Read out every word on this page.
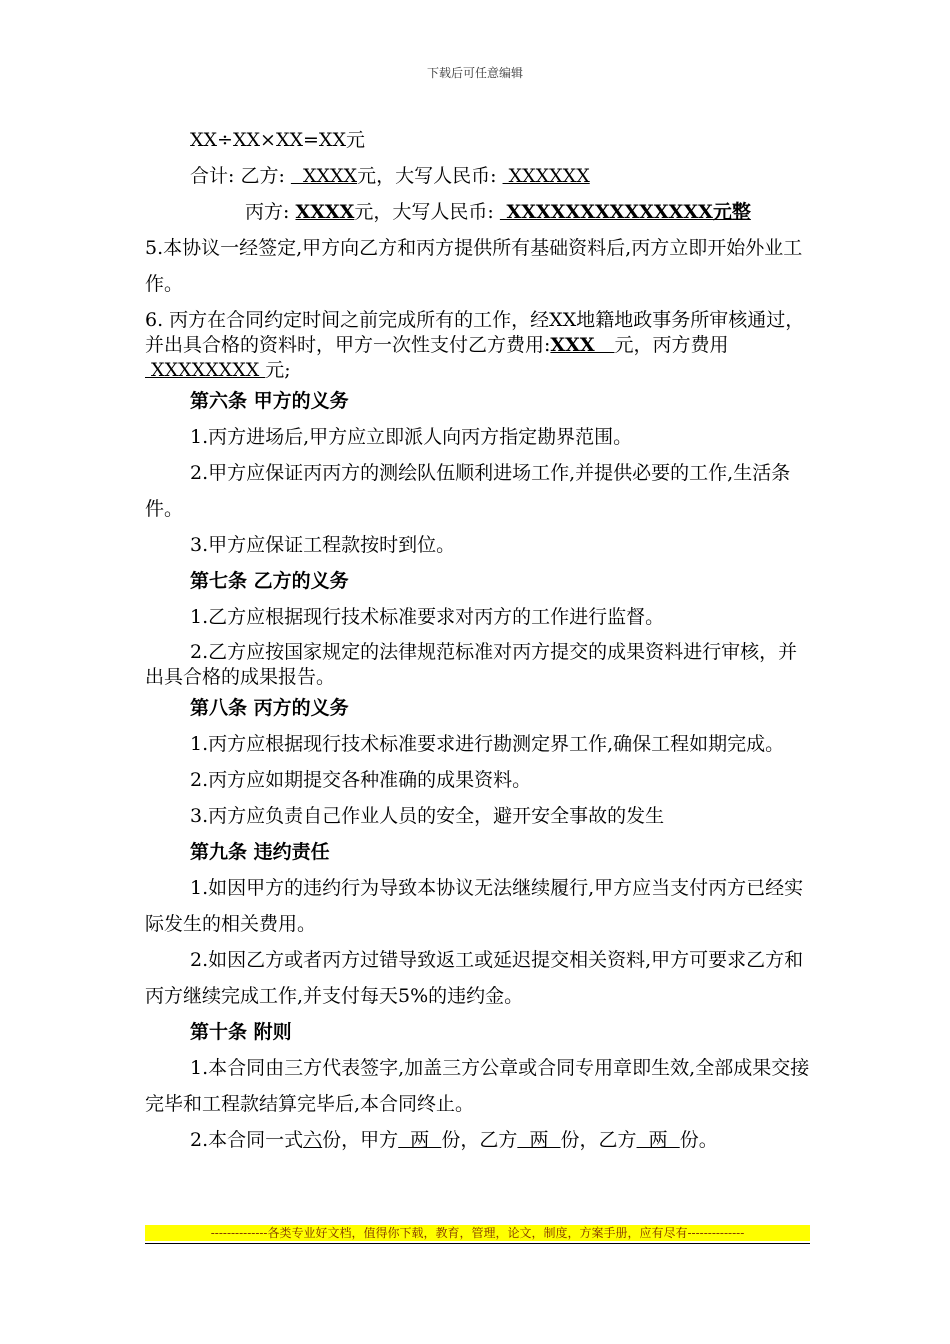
下载后可任意编辑

XX÷XX×XX=XX元

合计: 乙方:   XXXX元，大写人民币:  XXXXXX

丙方: XXXX元，大写人民币:  XXXXXXXXXXXXXX元整

5.本协议一经签定,甲方向乙方和丙方提供所有基础资料后,丙方立即开始外业工作。

6. 丙方在合同约定时间之前完成所有的工作，经XX地籍地政事务所审核通过，并出具合格的资料时，甲方一次性支付乙方费用:XXX   元，丙方费用 XXXXXXXX 元;

第六条 甲方的义务

1.丙方进场后,甲方应立即派人向丙方指定勘界范围。

2.甲方应保证丙丙方的测绘队伍顺利进场工作,并提供必要的工作,生活条件。

3.甲方应保证工程款按时到位。

第七条 乙方的义务

1.乙方应根据现行技术标准要求对丙方的工作进行监督。

2.乙方应按国家规定的法律规范标准对丙方提交的成果资料进行审核，并出具合格的成果报告。

第八条 丙方的义务

1.丙方应根据现行技术标准要求进行勘测定界工作,确保工程如期完成。

2.丙方应如期提交各种准确的成果资料。

3.丙方应负责自己作业人员的安全，避开安全事故的发生

第九条 违约责任

1.如因甲方的违约行为导致本协议无法继续履行,甲方应当支付丙方已经实际发生的相关费用。

2.如因乙方或者丙方过错导致返工或延迟提交相关资料,甲方可要求乙方和丙方继续完成工作,并支付每天5%的违约金。

第十条 附则

1.本合同由三方代表签字,加盖三方公章或合同专用章即生效,全部成果交接完毕和工程款结算完毕后,本合同终止。

2.本合同一式六份，甲方  两  份，乙方  两  份，乙方  两  份。

--------------各类专业好文档，值得你下载，教育，管理，论文，制度，方案手册，应有尽有--------------
